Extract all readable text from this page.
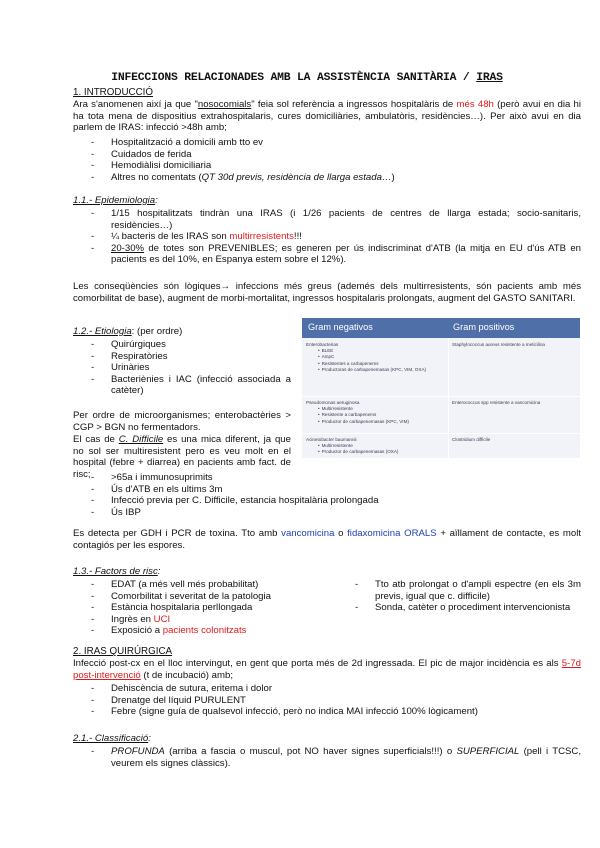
INFECCIONS RELACIONADES AMB LA ASSISTÈNCIA SANITÀRIA / IRAS
1. INTRODUCCIÓ
Ara s'anomenen així ja que "nosocomials" feia sol referència a ingressos hospitalàris de més 48h (però avui en dia hi ha tota mena de dispositius extrahospitalaris, cures domiciliàries, ambulatòris, residències…). Per això avui en dia parlem de IRAS: infecció >48h amb;
- Hospitalització a domicili amb tto ev
- Cuidados de ferida
- Hemodiàlisi domiciliaria
- Altres no comentats (QT 30d previs, residència de llarga estada…)
1.1.- Epidemiologia:
- 1/15 hospitalitzats tindràn una IRAS (i 1/26 pacients de centres de llarga estada; socio-sanitaris, residències…)
- ¼ bacteris de les IRAS son multirresistents!!!
- 20-30% de totes son PREVENIBLES; es generen per ús indiscriminat d'ATB (la mitja en EU d'ús ATB en pacients es del 10%, en Espanya estem sobre el 12%).
Les conseqüències són lògiques→ infeccions més greus (ademés dels multirresistents, són pacients amb més comorbilitat de base), augment de morbi-mortalitat, ingressos hospitalaris prolongats, augment del GASTO SANITARI.
1.2.- Etiologia: (per ordre)
- Quirúrgiques
- Respiratòries
- Urinàries
- Bacteriènies i IAC (infecció associada a catèter)
Per ordre de microorganismes; enterobactèries > CGP > BGN no fermentadors.
El cas de C. Difficile es una mica diferent, ja que no sol ser multiresistent pero es veu molt en el hospital (febre + diarrea) en pacients amb fact. de risc;
-	>65a i immunosuprimits
- Ús d'ATB en els ultims 3m
- Infecció previa per C. Difficile, estancia hospitalària prolongada
- Ús IBP
Es detecta per GDH i PCR de toxina. Tto amb vancomicina o fidaxomicina ORALS + aïllament de contacte, es molt contagiós per les espores.
Gram negativos	Gram positivos
Enterobacterias
• BLEE
• AmpC
• Resistentes a carbapenems
• Productoras de carbapenemasas (KPC, VIM, OXA)
Staphylococcus aureus resistente a meticilina
Pseudomonas aeruginosa
• Multirresistente
• Resistente a carbapenems
• Productor de carbapenemasas (KPC, VIM)
Enterococcus spp resistente a vancomicina
Acinetobacter baumannii
• Multirresistente
• Productor de carbapenemasas (OXA)
Clostridium difficile
1.3.- Factors de risc:
- EDAT (a més vell més probabilitat)
- Comorbilitat i severitat de la patologia
- Estància hospitalaria perllongada
- Ingrès en UCI
- Exposició a pacients colonitzats
- Tto atb prolongat o d'ampli espectre (en els 3m previs, igual que c. difficile)
- Sonda, catèter o procediment intervencionista
2. IRAS QUIRÚRGICA
Infecció post-cx en el lloc intervingut, en gent que porta més de 2d ingressada. El pic de major incidència es als 5-7d post-intervenció (t de incubació) amb;
- Dehiscència de sutura, eritema i dolor
- Drenatge del líquid PURULENT
- Febre (signe guía de qualsevol infecció, però no indica MAI infecció 100% lògicament)
2.1.- Classificació:
- PROFUNDA (arriba a fascia o muscul, pot NO haver signes superficials!!!) o SUPERFICIAL (pell i TCSC, veurem els signes clàssics).
